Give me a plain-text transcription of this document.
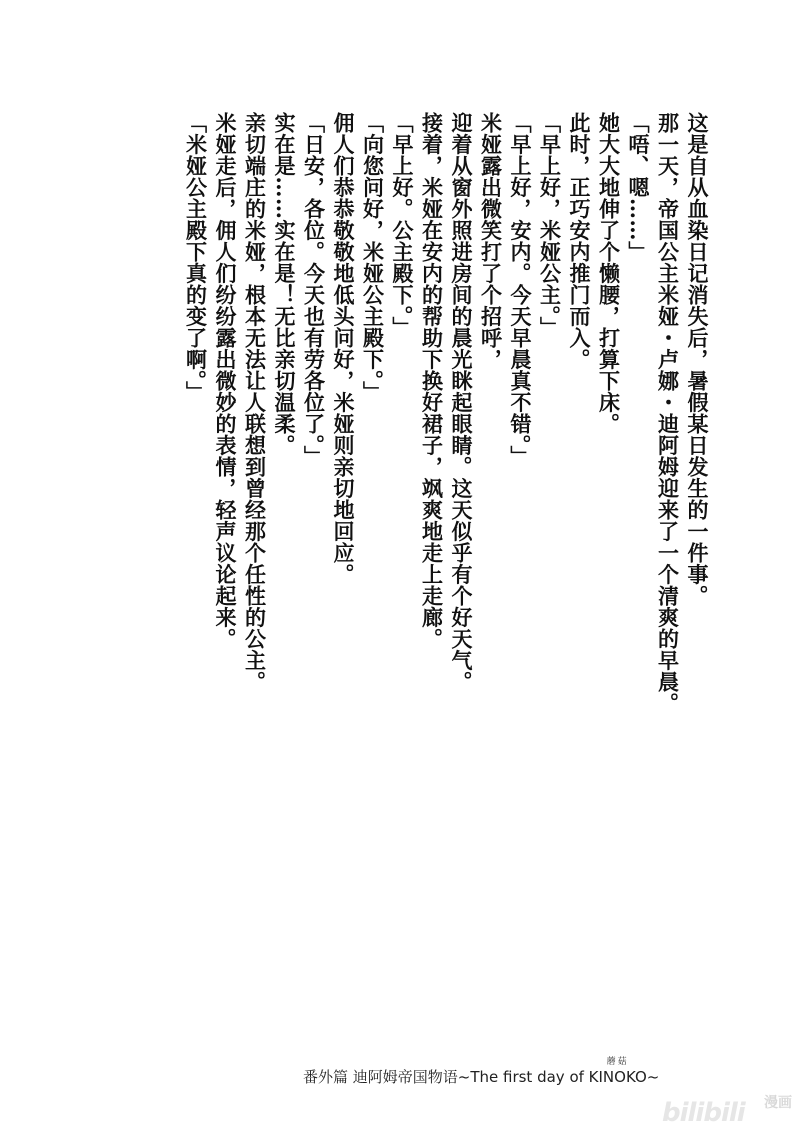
这是自从血染日记消失后，暑假某日发生的一件事。
那一天，帝国公主米娅・卢娜・迪阿姆迎来了一个清爽的早晨。
「唔、嗯……」
她大大地伸了个懒腰，打算下床。
此时，正巧安内推门而入。
「早上好，米娅公主。」
「早上好，安内。今天早晨真不错。」
米娅露出微笑打了个招呼，
迎着从窗外照进房间的晨光眯起眼睛。这天似乎有个好天气。
接着，米娅在安内的帮助下换好裙子，飒爽地走上走廊。
「早上好。公主殿下。」
「向您问好，米娅公主殿下。」
佣人们恭恭敬敬地低头问好，米娅则亲切地回应。
「日安，各位。今天也有劳各位了。」
实在是……实在是！无比亲切温柔。
亲切端庄的米娅，根本无法让人联想到曾经那个任性的公主。
米娅走后，佣人们纷纷露出微妙的表情，轻声议论起来。
「米娅公主殿下真的变了啊。」
番外篇 迪阿姆帝国物语~The first day of
蘑菇
KINOKO~
bilibili 漫画
